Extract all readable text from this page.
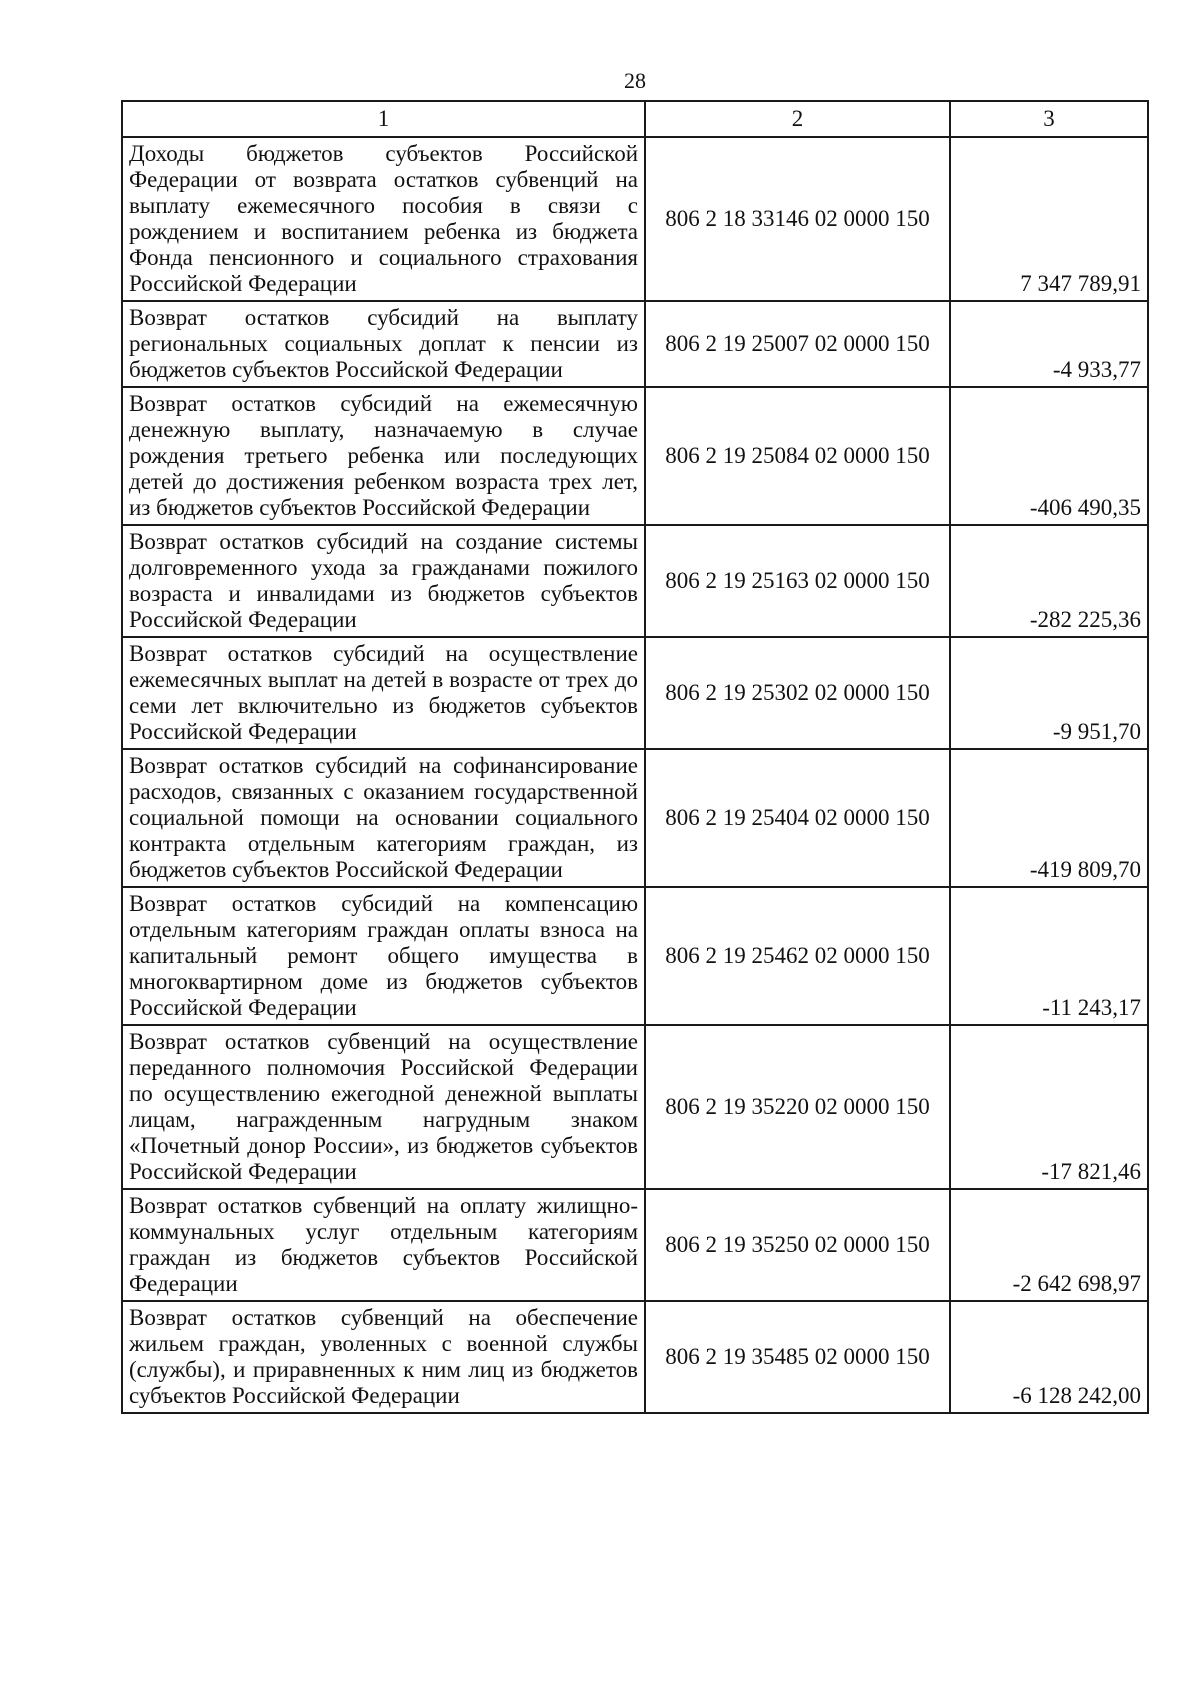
28
1	2	3
Доходы бюджетов субъектов Российской Федерации от возврата остатков субвенций на выплату ежемесячного пособия в связи с рождением и воспитанием ребенка из бюджета Фонда пенсионного и социального страхования Российской Федерации	806 2 18 33146 02 0000 150	7 347 789,91
Возврат остатков субсидий на выплату региональных социальных доплат к пенсии из бюджетов субъектов Российской Федерации	806 2 19 25007 02 0000 150	-4 933,77
Возврат остатков субсидий на ежемесячную денежную выплату, назначаемую в случае рождения третьего ребенка или последующих детей до достижения ребенком возраста трех лет, из бюджетов субъектов Российской Федерации	806 2 19 25084 02 0000 150	-406 490,35
Возврат остатков субсидий на создание системы долговременного ухода за гражданами пожилого возраста и инвалидами из бюджетов субъектов Российской Федерации	806 2 19 25163 02 0000 150	-282 225,36
Возврат остатков субсидий на осуществление ежемесячных выплат на детей в возрасте от трех до семи лет включительно из бюджетов субъектов Российской Федерации	806 2 19 25302 02 0000 150	-9 951,70
Возврат остатков субсидий на софинансирование расходов, связанных с оказанием государственной социальной помощи на основании социального контракта отдельным категориям граждан, из бюджетов субъектов Российской Федерации	806 2 19 25404 02 0000 150	-419 809,70
Возврат остатков субсидий на компенсацию отдельным категориям граждан оплаты взноса на капитальный ремонт общего имущества в многоквартирном доме из бюджетов субъектов Российской Федерации	806 2 19 25462 02 0000 150	-11 243,17
Возврат остатков субвенций на осуществление переданного полномочия Российской Федерации по осуществлению ежегодной денежной выплаты лицам, награжденным нагрудным знаком «Почетный донор России», из бюджетов субъектов Российской Федерации	806 2 19 35220 02 0000 150	-17 821,46
Возврат остатков субвенций на оплату жилищно-коммунальных услуг отдельным категориям граждан из бюджетов субъектов Российской Федерации	806 2 19 35250 02 0000 150	-2 642 698,97
Возврат остатков субвенций на обеспечение жильем граждан, уволенных с военной службы (службы), и приравненных к ним лиц из бюджетов субъектов Российской Федерации	806 2 19 35485 02 0000 150	-6 128 242,00
